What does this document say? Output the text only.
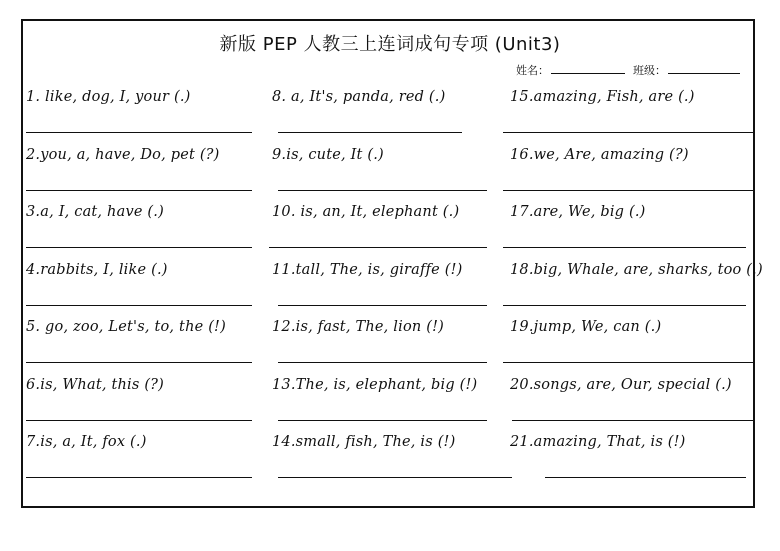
新版 PEP 人教三上连词成句专项 (Unit3)
姓名：	班级：
1. like, dog, I, your (.)
2.you, a, have, Do, pet (?)
3.a, I, cat, have (.)
4.rabbits, I, like (.)
5. go, zoo, Let's, to, the (!)
6.is, What, this (?)
7.is, a, It, fox (.)
8. a, It's, panda, red (.)
9.is, cute, It (.)
10. is, an, It, elephant (.)
11.tall, The, is, giraffe (!)
12.is, fast, The, lion (!)
13.The, is, elephant, big (!)
14.small, fish, The, is (!)
15.amazing, Fish, are (.)
16.we, Are, amazing (?)
17.are, We, big (.)
18.big, Whale, are, sharks, too (.)
19.jump, We, can (.)
20.songs, are, Our, special (.)
21.amazing, That, is (!)
